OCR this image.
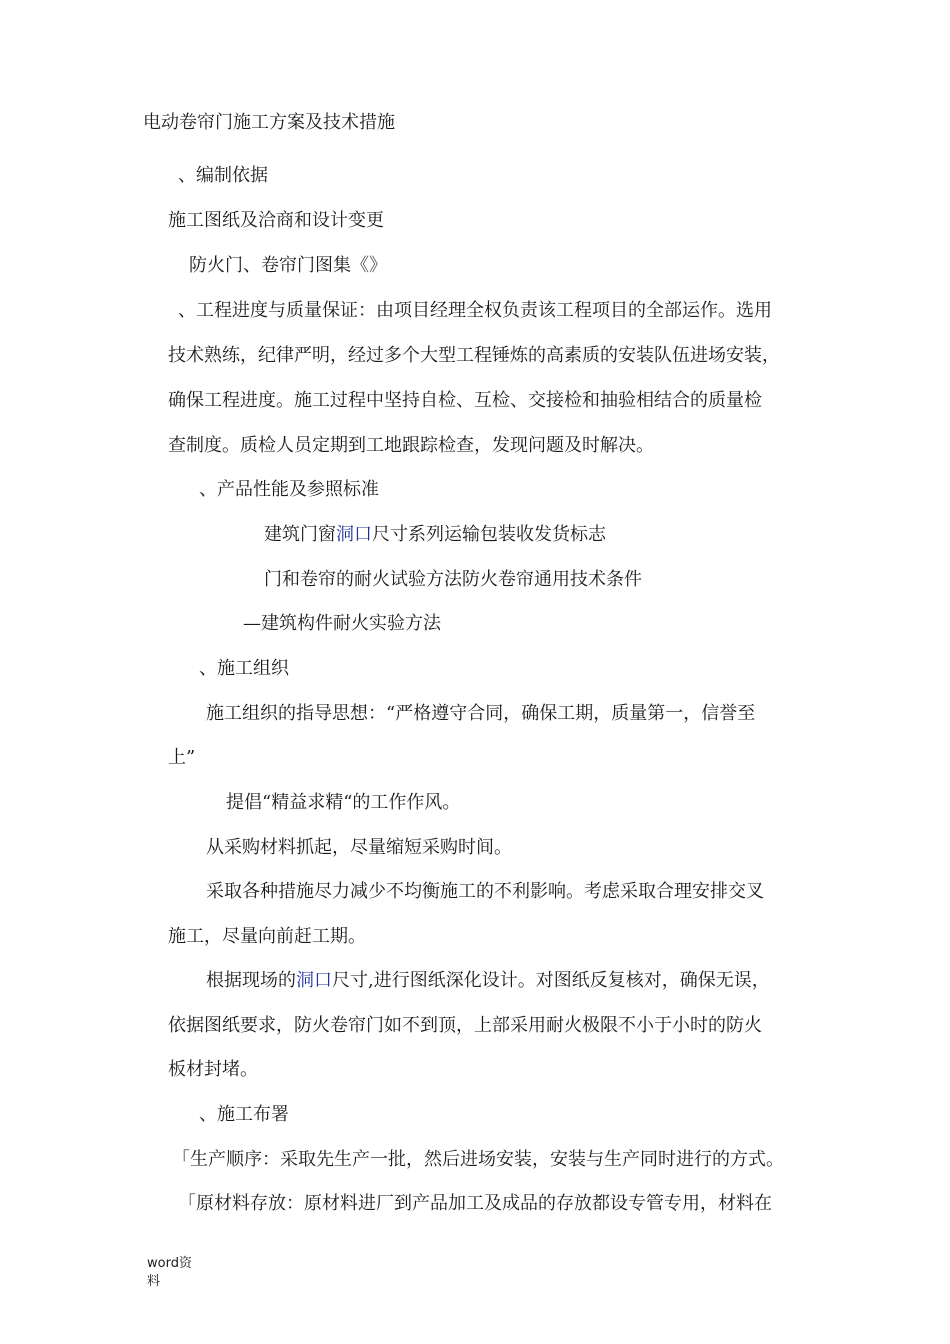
电动卷帘门施工方案及技术措施
、编制依据
施工图纸及洽商和设计变更
防火门、卷帘门图集《》
、工程进度与质量保证：由项目经理全权负责该工程项目的全部运作。选用
技术熟练，纪律严明，经过多个大型工程锤炼的高素质的安装队伍进场安装，
确保工程进度。施工过程中坚持自检、互检、交接检和抽验相结合的质量检
查制度。质检人员定期到工地跟踪检查，发现问题及时解决。
、产品性能及参照标准
建筑门窗洞口尺寸系列运输包装收发货标志
门和卷帘的耐火试验方法防火卷帘通用技术条件
—建筑构件耐火实验方法
、施工组织
施工组织的指导思想：“严格遵守合同，确保工期，质量第一，信誉至
上”
提倡“精益求精“的工作作风。
从采购材料抓起，尽量缩短采购时间。
采取各种措施尽力减少不均衡施工的不利影响。考虑采取合理安排交叉
施工，尽量向前赶工期。
根据现场的洞口尺寸,进行图纸深化设计。对图纸反复核对，确保无误，
依据图纸要求，防火卷帘门如不到顶，上部采用耐火极限不小于小时的防火
板材封堵。
、施工布署
「生产顺序：采取先生产一批，然后进场安装，安装与生产同时进行的方式。
「原材料存放：原材料进厂到产品加工及成品的存放都设专管专用，材料在
word资
料
